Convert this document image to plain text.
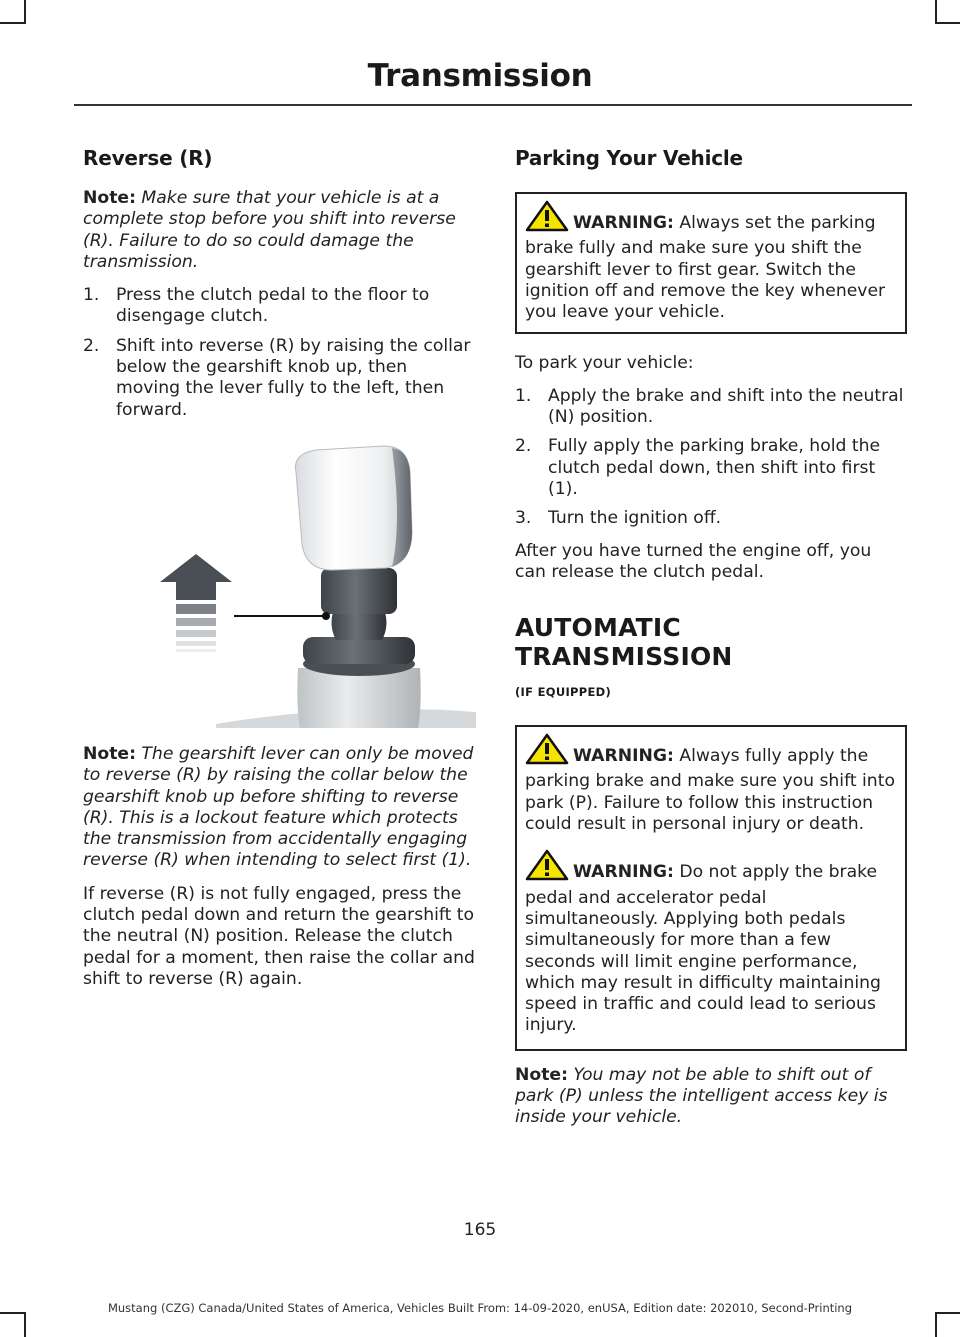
Transmission
Reverse (R)

Note: Make sure that your vehicle is at a complete stop before you shift into reverse (R). Failure to do so could damage the transmission.

1. Press the clutch pedal to the floor to disengage clutch.
2. Shift into reverse (R) by raising the collar below the gearshift knob up, then moving the lever fully to the left, then forward.

Note: The gearshift lever can only be moved to reverse (R) by raising the collar below the gearshift knob up before shifting to reverse (R). This is a lockout feature which protects the transmission from accidentally engaging reverse (R) when intending to select first (1).

If reverse (R) is not fully engaged, press the clutch pedal down and return the gearshift to the neutral (N) position. Release the clutch pedal for a moment, then raise the collar and shift to reverse (R) again.

Parking Your Vehicle
WARNING: Always set the parking brake fully and make sure you shift the gearshift lever to first gear. Switch the ignition off and remove the key whenever you leave your vehicle.

To park your vehicle:

1. Apply the brake and shift into the neutral (N) position.
2. Fully apply the parking brake, hold the clutch pedal down, then shift into first (1).
3. Turn the ignition off.

After you have turned the engine off, you can release the clutch pedal.

AUTOMATIC TRANSMISSION
(IF EQUIPPED)
WARNING: Always fully apply the parking brake and make sure you shift into park (P). Failure to follow this instruction could result in personal injury or death.
WARNING: Do not apply the brake pedal and accelerator pedal simultaneously. Applying both pedals simultaneously for more than a few seconds will limit engine performance, which may result in difficulty maintaining speed in traffic and could lead to serious injury.

Note: You may not be able to shift out of park (P) unless the intelligent access key is inside your vehicle.

165
Mustang (CZG) Canada/United States of America, Vehicles Built From: 14-09-2020, enUSA, Edition date: 202010, Second-Printing
